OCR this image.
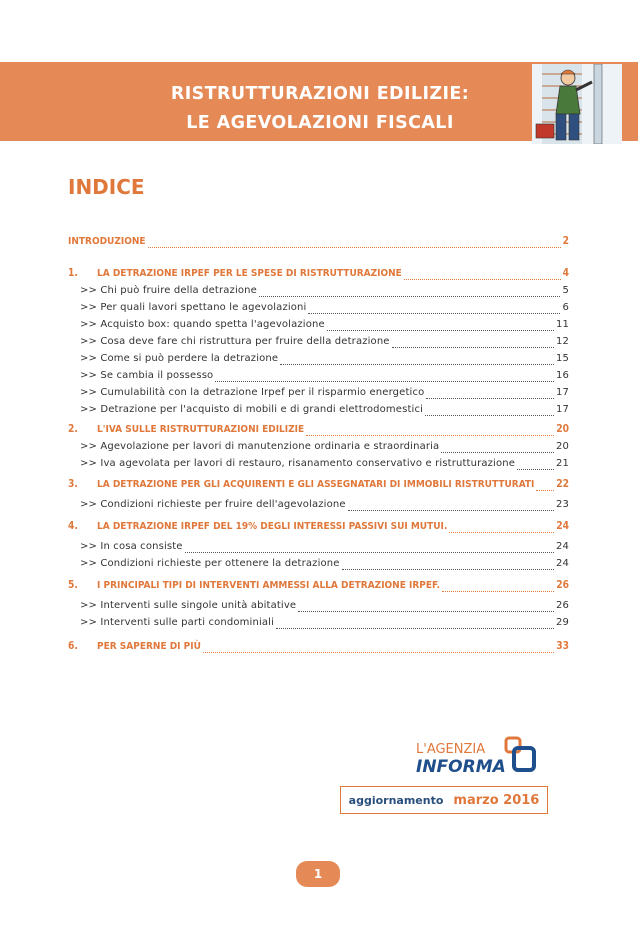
RISTRUTTURAZIONI EDILIZIE:
LE AGEVOLAZIONI FISCALI
INDICE
INTRODUZIONE	2
1.	LA DETRAZIONE IRPEF PER LE SPESE DI RISTRUTTURAZIONE	4
>> Chi può fruire della detrazione	5
>> Per quali lavori spettano le agevolazioni	6
>> Acquisto box: quando spetta l'agevolazione	11
>> Cosa deve fare chi ristruttura per fruire della detrazione	12
>> Come si può perdere la detrazione	15
>> Se cambia il possesso	16
>> Cumulabilità con la detrazione Irpef per il risparmio energetico	17
>> Detrazione per l'acquisto di mobili e di grandi elettrodomestici	17
2.	L'IVA SULLE RISTRUTTURAZIONI EDILIZIE	20
>> Agevolazione per lavori di manutenzione ordinaria e straordinaria	20
>> Iva agevolata per lavori di restauro, risanamento conservativo e ristrutturazione	21
3.	LA DETRAZIONE PER GLI ACQUIRENTI E GLI ASSEGNATARI DI IMMOBILI RISTRUTTURATI 22
>> Condizioni richieste per fruire dell'agevolazione	23
4.	LA DETRAZIONE IRPEF DEL 19% DEGLI INTERESSI PASSIVI SUI MUTUI.	24
>> In cosa consiste	24
>> Condizioni richieste per ottenere la detrazione	24
5.	I PRINCIPALI TIPI DI INTERVENTI AMMESSI ALLA DETRAZIONE IRPEF.	26
>> Interventi sulle singole unità abitative	26
>> Interventi sulle parti condominiali	29
6.	PER SAPERNE DI PIÙ	33
L'AGENZIA
INFORMA
aggiornamento marzo 2016
1
